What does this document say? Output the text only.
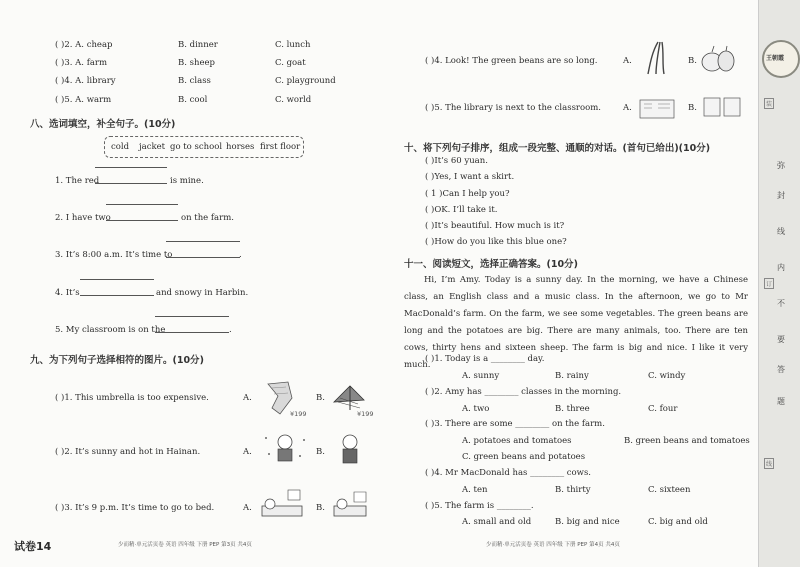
( )2. A. cheap	B. dinner	C. lunch
( )3. A. farm	B. sheep	C. goat
( )4. A. library	B. class	C. playground
( )5. A. warm	B. cool	C. world
八、选词填空，补全句子。(10分)
cold jacket go to school horses first floor
1. The red	is mine.
2. I have two	on the farm.
3. It’s 8:00 a.m. It’s time to	.
4. It’s	and snowy in Harbin.
5. My classroom is on the	.
九、为下列句子选择相符的图片。(10分)
( )1. This umbrella is too expensive.	A.
¥199
B.
¥199
( )2. It’s sunny and hot in Hainan.	A.	B.
( )3. It’s 9 p.m. It’s time to go to bed.	A.	B.
试卷14	少而精·单元活页卷 英语 四年级 下册 PEP 第3页 共4页
( )4. Look! The green beans are so long.	A.	B.
( )5. The library is next to the classroom.	A.	B.
十、将下列句子排序，组成一段完整、通顺的对话。(首句已给出)(10分)
( )It’s 60 yuan.
( )Yes, I want a skirt.
( 1 )Can I help you?
( )OK. I’ll take it.
( )It’s beautiful. How much is it?
( )How do you like this blue one?
十一、阅读短文，选择正确答案。(10分)
Hi, I’m Amy. Today is a sunny day. In the morning, we have a Chinese class, an English class and a music class. In the afternoon, we go to Mr MacDonald’s farm. On the farm, we see some vegetables. The green beans are long and the potatoes are big. There are many animals, too. There are ten cows, thirty hens and sixteen sheep. The farm is big and nice. I like it very much.
( )1. Today is a ________ day.
A. sunny	B. rainy	C. windy
( )2. Amy has ________ classes in the morning.
A. two	B. three	C. four
( )3. There are some ________ on the farm.
A. potatoes and tomatoes	B. green beans and tomatoes
C. green beans and potatoes
( )4. Mr MacDonald has ________ cows.
A. ten	B. thirty	C. sixteen
( )5. The farm is ________.
A. small and old	B. big and nice	C. big and old
少而精·单元活页卷 英语 四年级 下册 PEP 第4页 共4页
弥
封
线
内
不
要
答
题
装
订
线
王朝霞
